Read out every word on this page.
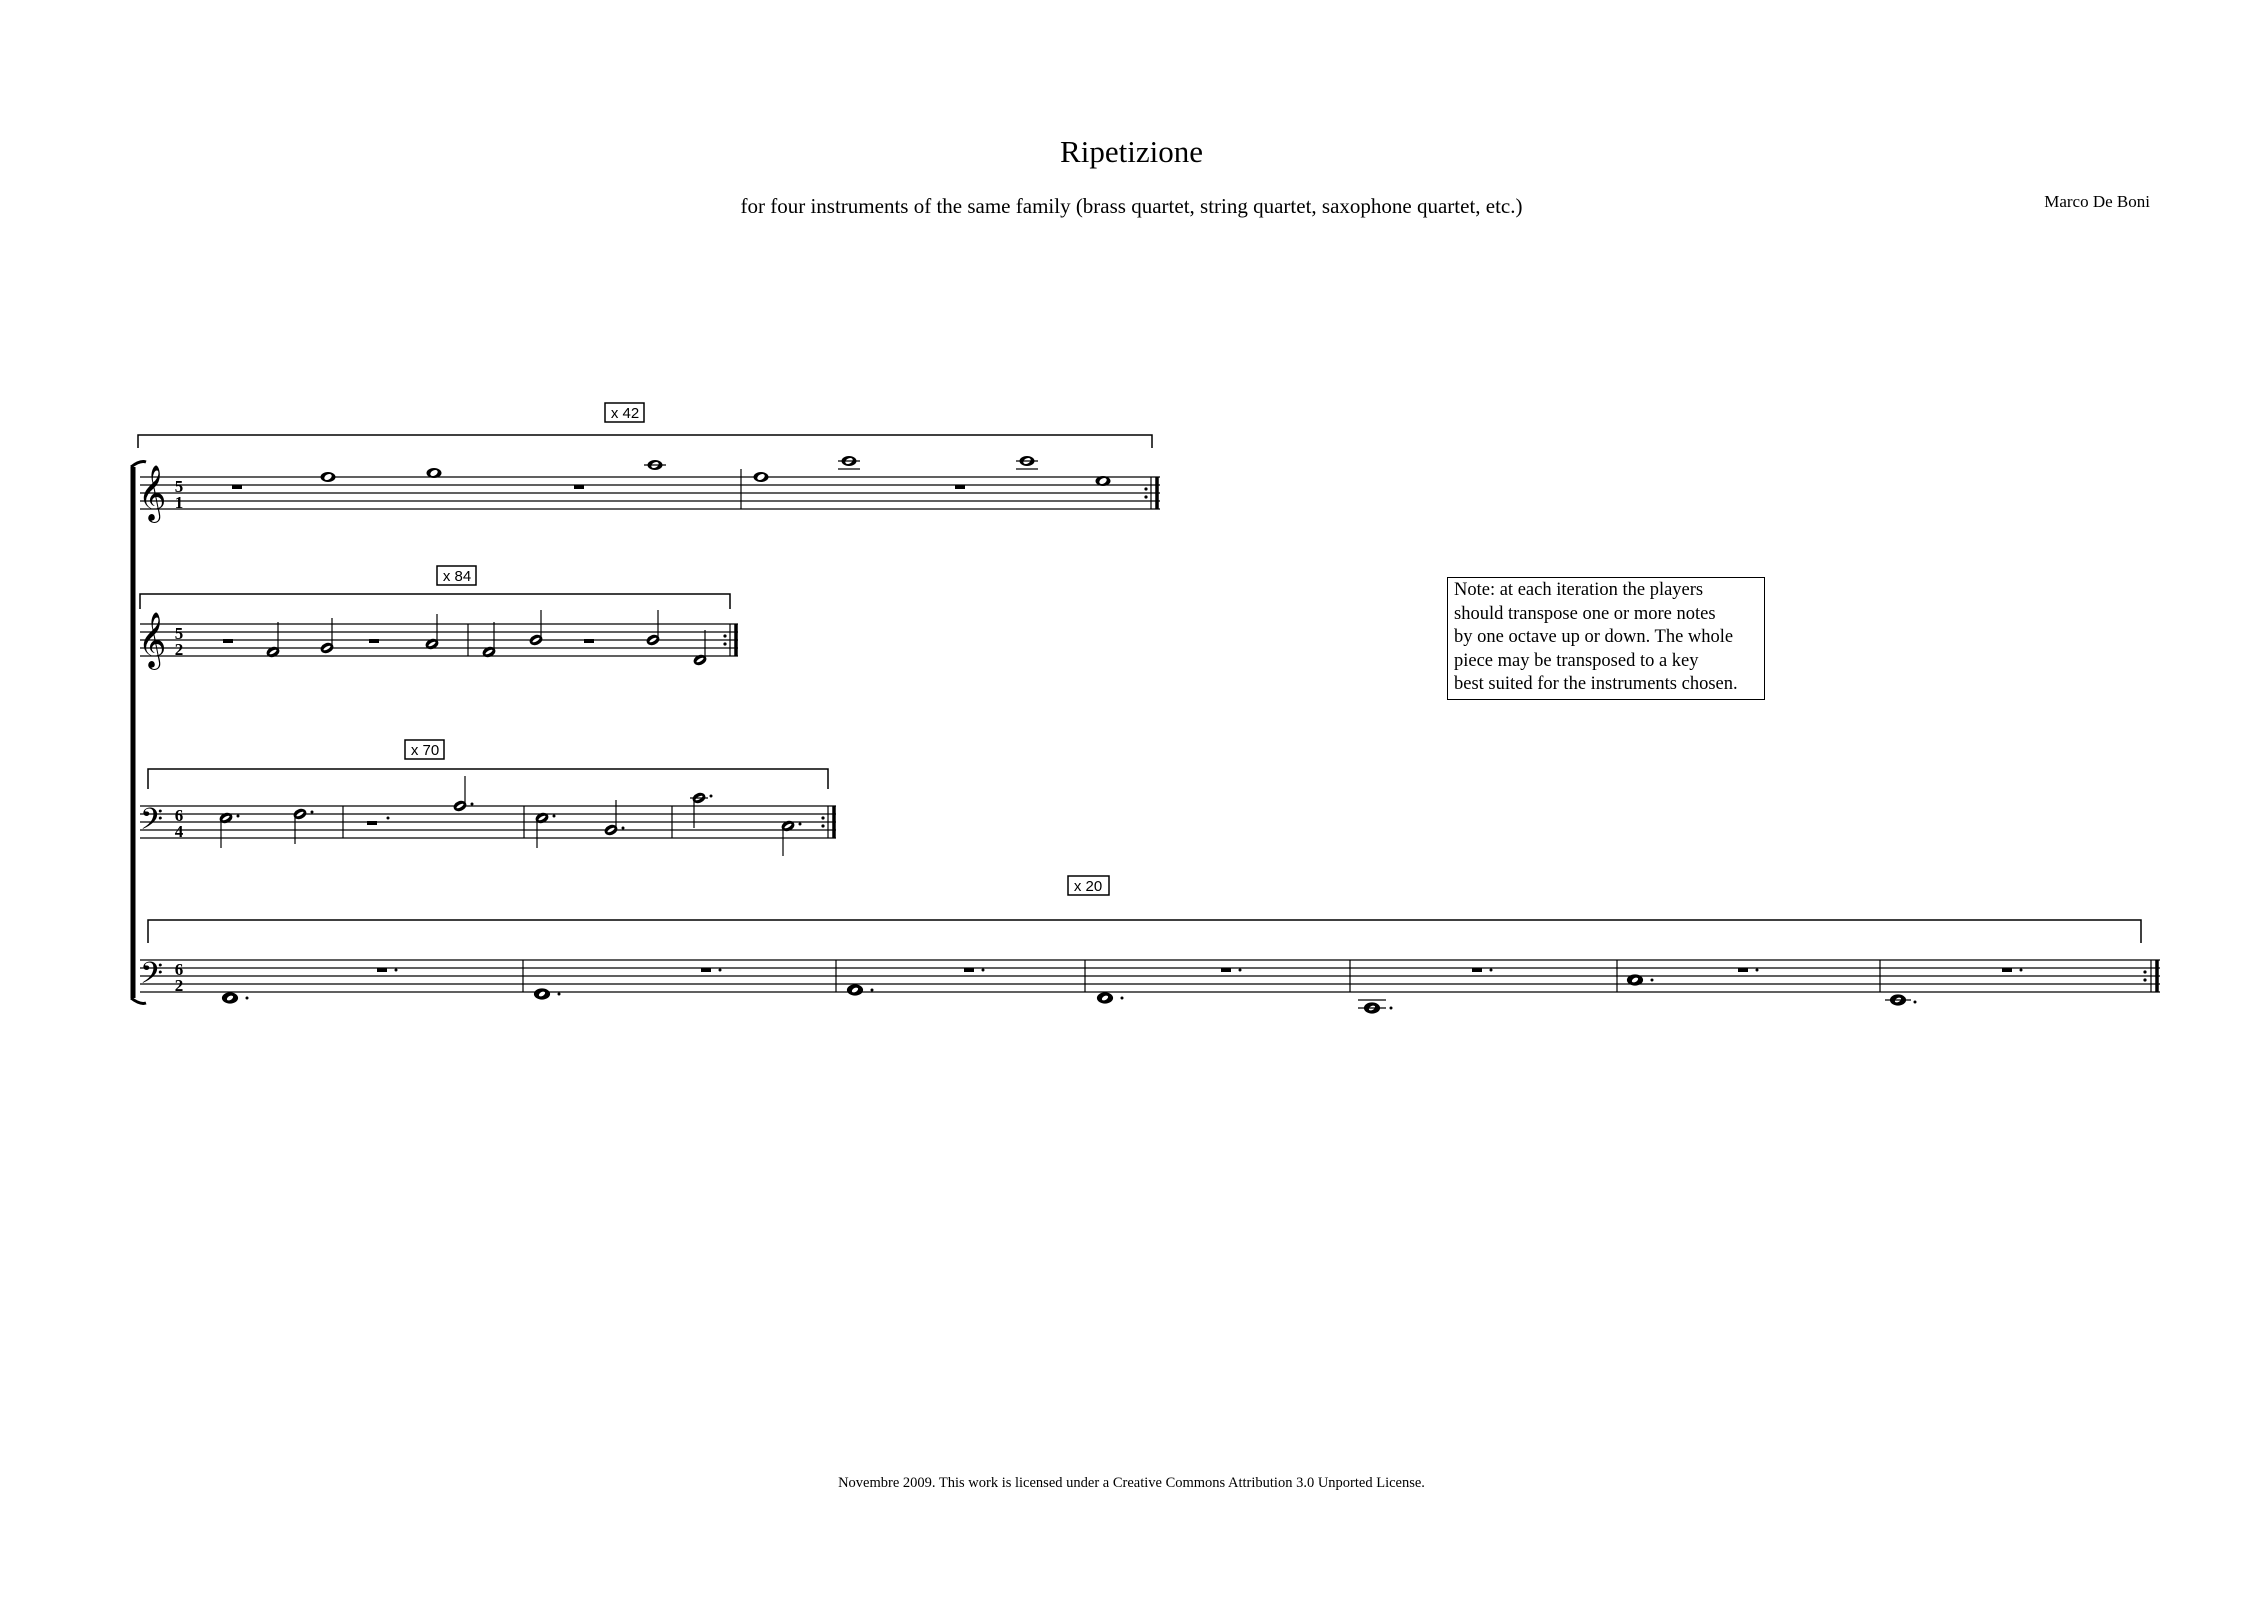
Ripetizione
for four instruments of the same family (brass quartet, string quartet, saxophone quartet, etc.)	Marco De Boni
Note: at each iteration the players
should transpose one or more notes
by one octave up or down. The whole
piece may be transposed to a key
best suited for the instruments chosen.
x 42
𝄞 5
1
x 84
𝄞 5
2
x 70
𝄢 6
4
x 20
𝄢 6
2
Novembre 2009. This work is licensed under a Creative Commons Attribution 3.0 Unported License.
